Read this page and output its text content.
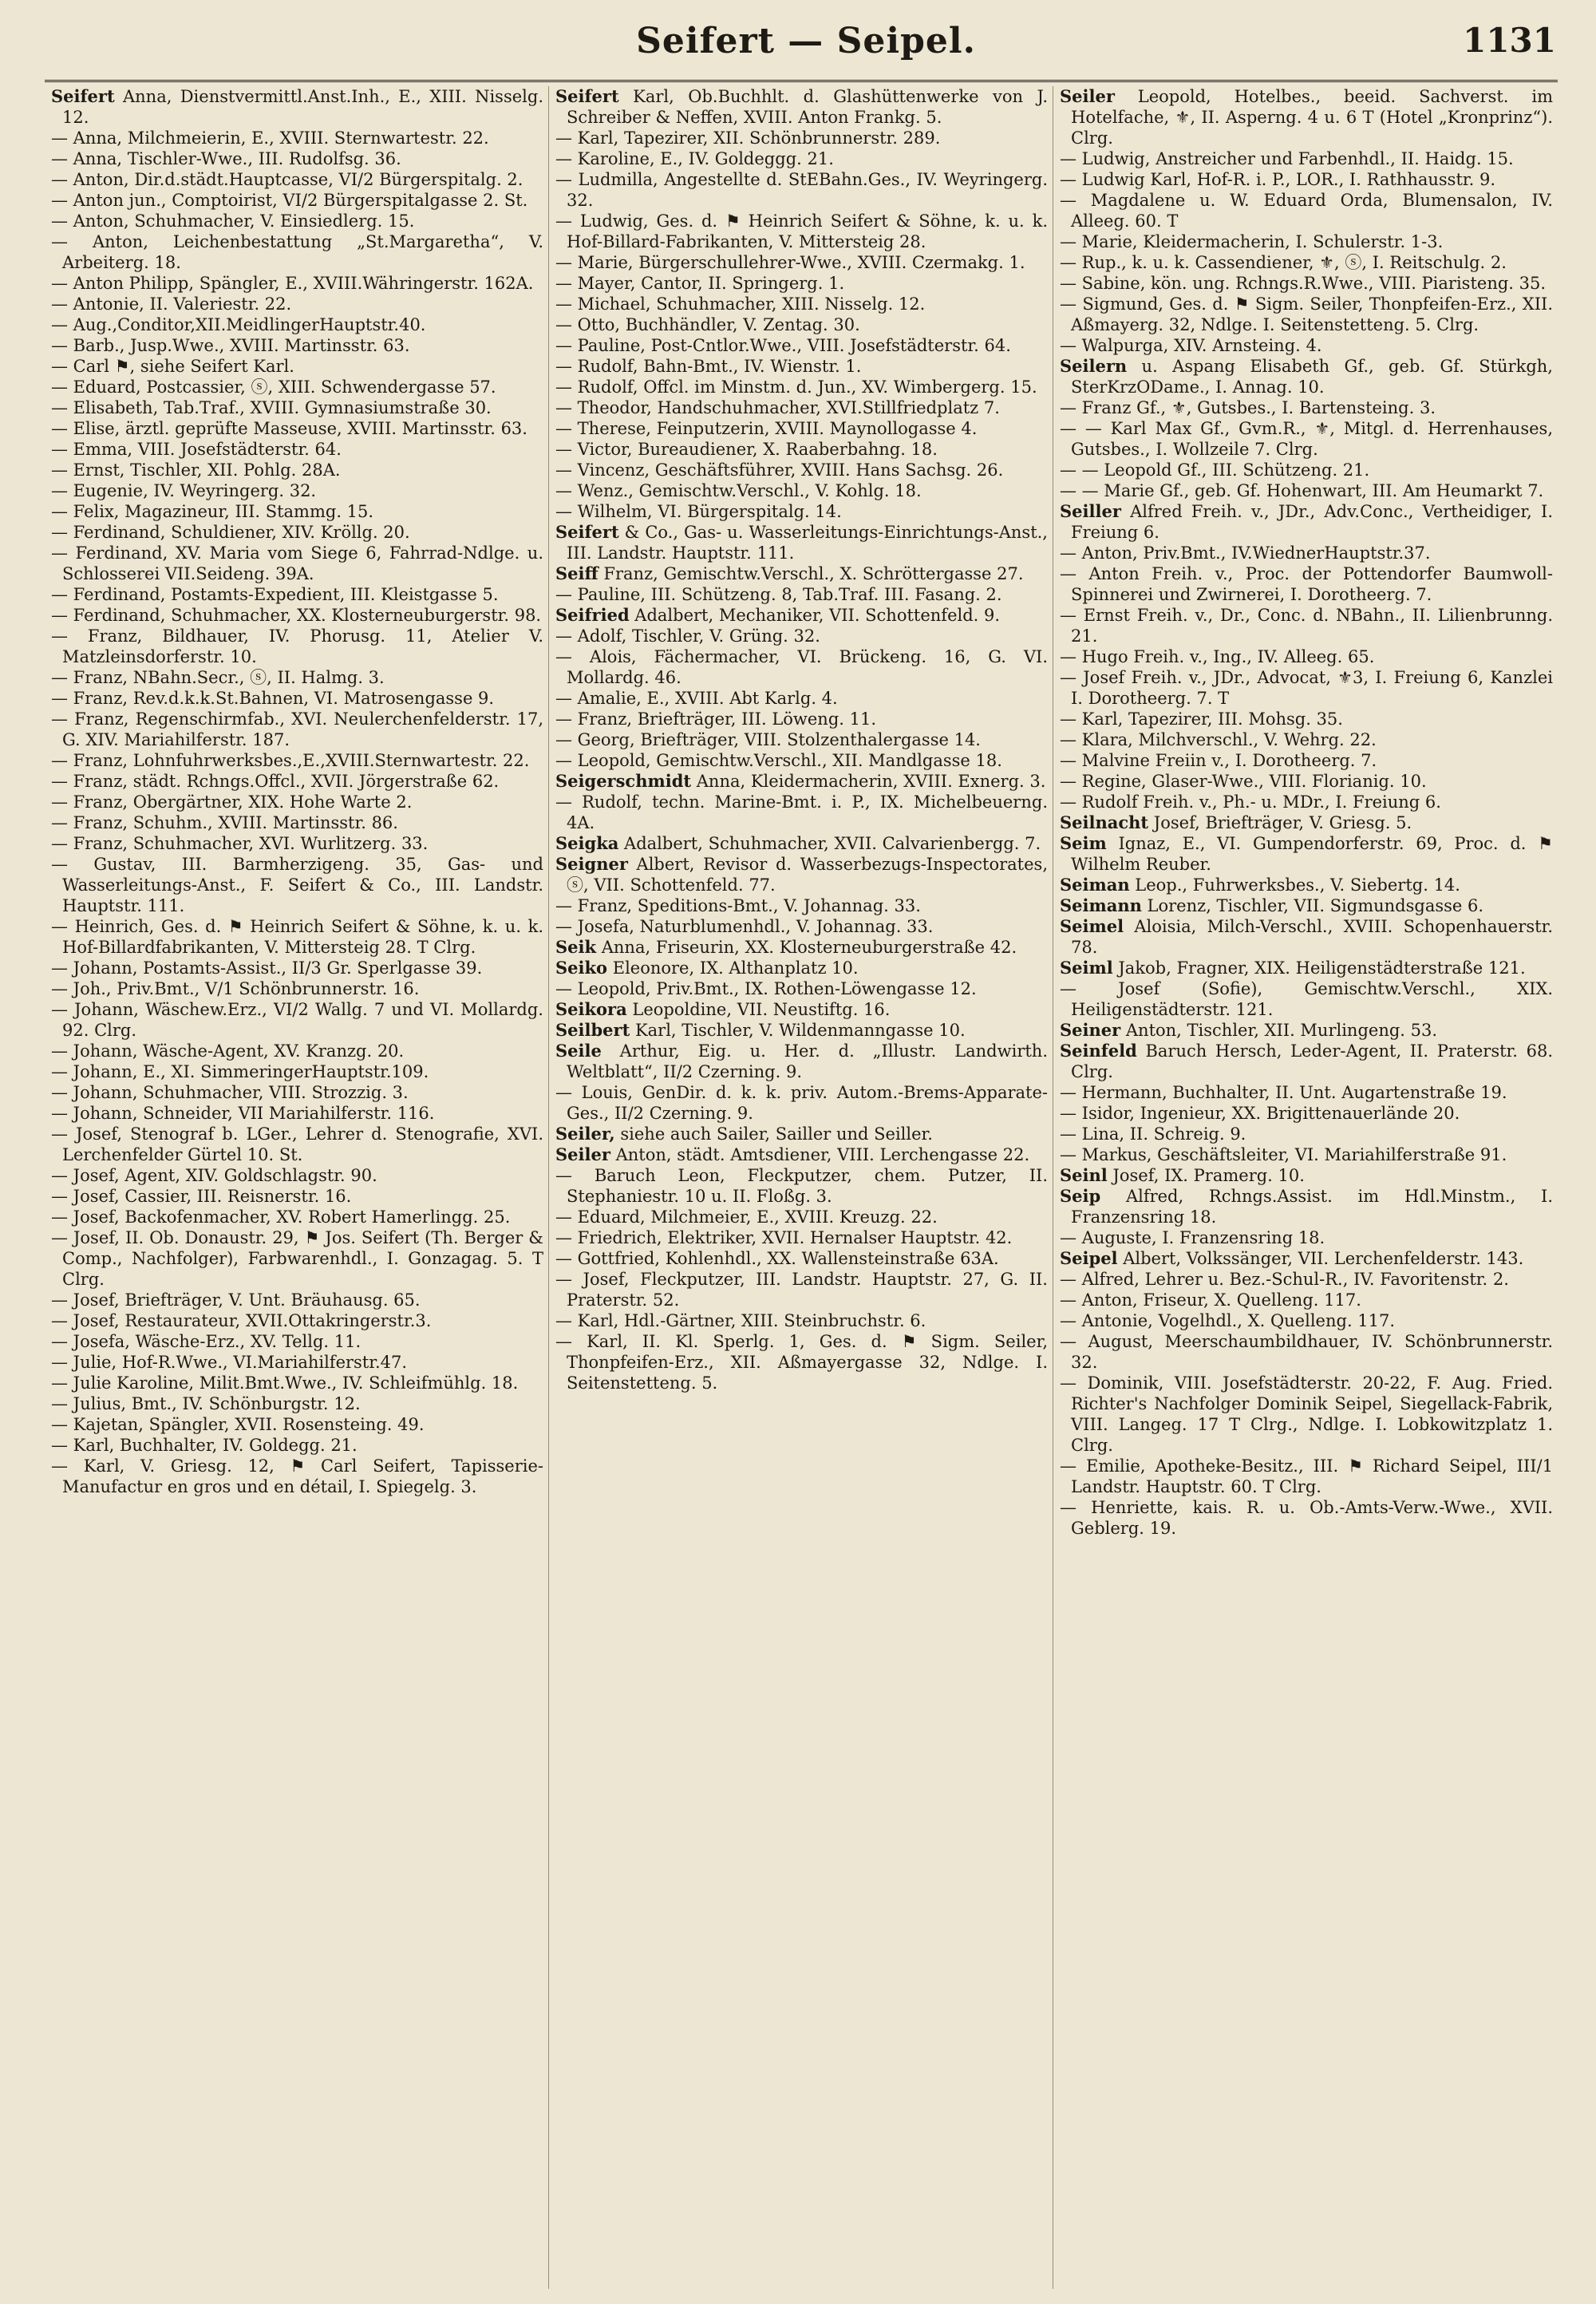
Seifert — Seipel.	1131

Seifert Anna, Dienstvermittl.Anst.Inh., E., XIII. Nisselg. 12.

— Anna, Milchmeierin, E., XVIII. Sternwartestr. 22.

— Anna, Tischler-Wwe., III. Rudolfsg. 36.

— Anton, Dir.d.städt.Hauptcasse, VI/2 Bürgerspitalg. 2.

— Anton jun., Comptoirist, VI/2 Bürgerspitalgasse 2. St.

— Anton, Schuhmacher, V. Einsiedlerg. 15.

— Anton, Leichenbestattung „St.Margaretha“, V. Arbeiterg. 18.

— Anton Philipp, Spängler, E., XVIII.Währingerstr. 162A.

— Antonie, II. Valeriestr. 22.

— Aug.,Conditor,XII.MeidlingerHauptstr.40.

— Barb., Jusp.Wwe., XVIII. Martinsstr. 63.

— Carl ⚑, siehe Seifert Karl.

— Eduard, Postcassier, ⓢ, XIII. Schwendergasse 57.

— Elisabeth, Tab.Traf., XVIII. Gymnasiumstraße 30.

— Elise, ärztl. geprüfte Masseuse, XVIII. Martinsstr. 63.

— Emma, VIII. Josefstädterstr. 64.

— Ernst, Tischler, XII. Pohlg. 28A.

— Eugenie, IV. Weyringerg. 32.

— Felix, Magazineur, III. Stammg. 15.

— Ferdinand, Schuldiener, XIV. Kröllg. 20.

— Ferdinand, XV. Maria vom Siege 6, Fahrrad-Ndlge. u. Schlosserei VII.Seideng. 39A.

— Ferdinand, Postamts-Expedient, III. Kleistgasse 5.

— Ferdinand, Schuhmacher, XX. Klosterneuburgerstr. 98.

— Franz, Bildhauer, IV. Phorusg. 11, Atelier V. Matzleinsdorferstr. 10.

— Franz, NBahn.Secr., ⓢ, II. Halmg. 3.

— Franz, Rev.d.k.k.St.Bahnen, VI. Matrosengasse 9.

— Franz, Regenschirmfab., XVI. Neulerchenfelderstr. 17, G. XIV. Mariahilferstr. 187.

— Franz, Lohnfuhrwerksbes.,E.,XVIII.Sternwartestr. 22.

— Franz, städt. Rchngs.Offcl., XVII. Jörgerstraße 62.

— Franz, Obergärtner, XIX. Hohe Warte 2.

— Franz, Schuhm., XVIII. Martinsstr. 86.

— Franz, Schuhmacher, XVI. Wurlitzerg. 33.

— Gustav, III. Barmherzigeng. 35, Gas- und Wasserleitungs-Anst., F. Seifert & Co., III. Landstr. Hauptstr. 111.

— Heinrich, Ges. d. ⚑ Heinrich Seifert & Söhne, k. u. k. Hof-Billardfabrikanten, V. Mittersteig 28. T Clrg.

— Johann, Postamts-Assist., II/3 Gr. Sperlgasse 39.

— Joh., Priv.Bmt., V/1 Schönbrunnerstr. 16.

— Johann, Wäschew.Erz., VI/2 Wallg. 7 und VI. Mollardg. 92. Clrg.

— Johann, Wäsche-Agent, XV. Kranzg. 20.

— Johann, E., XI. SimmeringerHauptstr.109.

— Johann, Schuhmacher, VIII. Strozzig. 3.

— Johann, Schneider, VII Mariahilferstr. 116.

— Josef, Stenograf b. LGer., Lehrer d. Stenografie, XVI. Lerchenfelder Gürtel 10. St.

— Josef, Agent, XIV. Goldschlagstr. 90.

— Josef, Cassier, III. Reisnerstr. 16.

— Josef, Backofenmacher, XV. Robert Hamerlingg. 25.

— Josef, II. Ob. Donaustr. 29, ⚑ Jos. Seifert (Th. Berger & Comp., Nachfolger), Farbwarenhdl., I. Gonzagag. 5. T Clrg.

— Josef, Briefträger, V. Unt. Bräuhausg. 65.

— Josef, Restaurateur, XVII.Ottakringerstr.3.

— Josefa, Wäsche-Erz., XV. Tellg. 11.

— Julie, Hof-R.Wwe., VI.Mariahilferstr.47.

— Julie Karoline, Milit.Bmt.Wwe., IV. Schleifmühlg. 18.

— Julius, Bmt., IV. Schönburgstr. 12.

— Kajetan, Spängler, XVII. Rosensteing. 49.

— Karl, Buchhalter, IV. Goldegg. 21.

— Karl, V. Griesg. 12, ⚑ Carl Seifert, Tapisserie-Manufactur en gros und en détail, I. Spiegelg. 3.

Seifert Karl, Ob.Buchhlt. d. Glashüttenwerke von J. Schreiber & Neffen, XVIII. Anton Frankg. 5.

— Karl, Tapezirer, XII. Schönbrunnerstr. 289.

— Karoline, E., IV. Goldeggg. 21.

— Ludmilla, Angestellte d. StEBahn.Ges., IV. Weyringerg. 32.

— Ludwig, Ges. d. ⚑ Heinrich Seifert & Söhne, k. u. k. Hof-Billard-Fabrikanten, V. Mittersteig 28.

— Marie, Bürgerschullehrer-Wwe., XVIII. Czermakg. 1.

— Mayer, Cantor, II. Springerg. 1.

— Michael, Schuhmacher, XIII. Nisselg. 12.

— Otto, Buchhändler, V. Zentag. 30.

— Pauline, Post-Cntlor.Wwe., VIII. Josefstädterstr. 64.

— Rudolf, Bahn-Bmt., IV. Wienstr. 1.

— Rudolf, Offcl. im Minstm. d. Jun., XV. Wimbergerg. 15.

— Theodor, Handschuhmacher, XVI.Stillfriedplatz 7.

— Therese, Feinputzerin, XVIII. Maynollogasse 4.

— Victor, Bureaudiener, X. Raaberbahng. 18.

— Vincenz, Geschäftsführer, XVIII. Hans Sachsg. 26.

— Wenz., Gemischtw.Verschl., V. Kohlg. 18.

— Wilhelm, VI. Bürgerspitalg. 14.

Seifert & Co., Gas- u. Wasserleitungs-Einrichtungs-Anst., III. Landstr. Hauptstr. 111.

Seiff Franz, Gemischtw.Verschl., X. Schröttergasse 27.

— Pauline, III. Schützeng. 8, Tab.Traf. III. Fasang. 2.

Seifried Adalbert, Mechaniker, VII. Schottenfeld. 9.

— Adolf, Tischler, V. Grüng. 32.

— Alois, Fächermacher, VI. Brückeng. 16, G. VI. Mollardg. 46.

— Amalie, E., XVIII. Abt Karlg. 4.

— Franz, Briefträger, III. Löweng. 11.

— Georg, Briefträger, VIII. Stolzenthalergasse 14.

— Leopold, Gemischtw.Verschl., XII. Mandlgasse 18.

Seigerschmidt Anna, Kleidermacherin, XVIII. Exnerg. 3.

— Rudolf, techn. Marine-Bmt. i. P., IX. Michelbeuerng. 4A.

Seigka Adalbert, Schuhmacher, XVII. Calvarienbergg. 7.

Seigner Albert, Revisor d. Wasserbezugs-Inspectorates, ⓢ, VII. Schottenfeld. 77.

— Franz, Speditions-Bmt., V. Johannag. 33.

— Josefa, Naturblumenhdl., V. Johannag. 33.

Seik Anna, Friseurin, XX. Klosterneuburgerstraße 42.

Seiko Eleonore, IX. Althanplatz 10.

— Leopold, Priv.Bmt., IX. Rothen-Löwengasse 12.

Seikora Leopoldine, VII. Neustiftg. 16.

Seilbert Karl, Tischler, V. Wildenmanngasse 10.

Seile Arthur, Eig. u. Her. d. „Illustr. Landwirth. Weltblatt“, II/2 Czerning. 9.

— Louis, GenDir. d. k. k. priv. Autom.-Brems-Apparate-Ges., II/2 Czerning. 9.

Seiler, siehe auch Sailer, Sailler und Seiller.

Seiler Anton, städt. Amtsdiener, VIII. Lerchengasse 22.

— Baruch Leon, Fleckputzer, chem. Putzer, II. Stephaniestr. 10 u. II. Floßg. 3.

— Eduard, Milchmeier, E., XVIII. Kreuzg. 22.

— Friedrich, Elektriker, XVII. Hernalser Hauptstr. 42.

— Gottfried, Kohlenhdl., XX. Wallensteinstraße 63A.

— Josef, Fleckputzer, III. Landstr. Hauptstr. 27, G. II. Praterstr. 52.

— Karl, Hdl.-Gärtner, XIII. Steinbruchstr. 6.

— Karl, II. Kl. Sperlg. 1, Ges. d. ⚑ Sigm. Seiler, Thonpfeifen-Erz., XII. Aßmayergasse 32, Ndlge. I. Seitenstetteng. 5.

Seiler Leopold, Hotelbes., beeid. Sachverst. im Hotelfache, ⚜, II. Asperng. 4 u. 6 T (Hotel „Kronprinz“). Clrg.

— Ludwig, Anstreicher und Farbenhdl., II. Haidg. 15.

— Ludwig Karl, Hof-R. i. P., LOR., I. Rathhausstr. 9.

— Magdalene u. W. Eduard Orda, Blumensalon, IV. Alleeg. 60. T

— Marie, Kleidermacherin, I. Schulerstr. 1-3.

— Rup., k. u. k. Cassendiener, ⚜, ⓢ, I. Reitschulg. 2.

— Sabine, kön. ung. Rchngs.R.Wwe., VIII. Piaristeng. 35.

— Sigmund, Ges. d. ⚑ Sigm. Seiler, Thonpfeifen-Erz., XII. Aßmayerg. 32, Ndlge. I. Seitenstetteng. 5. Clrg.

— Walpurga, XIV. Arnsteing. 4.

Seilern u. Aspang Elisabeth Gf., geb. Gf. Stürkgh, SterKrzODame., I. Annag. 10.

— Franz Gf., ⚜, Gutsbes., I. Bartensteing. 3.

— — Karl Max Gf., Gvm.R., ⚜, Mitgl. d. Herrenhauses, Gutsbes., I. Wollzeile 7. Clrg.

— — Leopold Gf., III. Schützeng. 21.

— — Marie Gf., geb. Gf. Hohenwart, III. Am Heumarkt 7.

Seiller Alfred Freih. v., JDr., Adv.Conc., Vertheidiger, I. Freiung 6.

— Anton, Priv.Bmt., IV.WiednerHauptstr.37.

— Anton Freih. v., Proc. der Pottendorfer Baumwoll-Spinnerei und Zwirnerei, I. Dorotheerg. 7.

— Ernst Freih. v., Dr., Conc. d. NBahn., II. Lilienbrunng. 21.

— Hugo Freih. v., Ing., IV. Alleeg. 65.

— Josef Freih. v., JDr., Advocat, ⚜3, I. Freiung 6, Kanzlei I. Dorotheerg. 7. T

— Karl, Tapezirer, III. Mohsg. 35.

— Klara, Milchverschl., V. Wehrg. 22.

— Malvine Freiin v., I. Dorotheerg. 7.

— Regine, Glaser-Wwe., VIII. Florianig. 10.

— Rudolf Freih. v., Ph.- u. MDr., I. Freiung 6.

Seilnacht Josef, Briefträger, V. Griesg. 5.

Seim Ignaz, E., VI. Gumpendorferstr. 69, Proc. d. ⚑ Wilhelm Reuber.

Seiman Leop., Fuhrwerksbes., V. Siebertg. 14.

Seimann Lorenz, Tischler, VII. Sigmundsgasse 6.

Seimel Aloisia, Milch-Verschl., XVIII. Schopenhauerstr. 78.

Seiml Jakob, Fragner, XIX. Heiligenstädterstraße 121.

— Josef (Sofie), Gemischtw.Verschl., XIX. Heiligenstädterstr. 121.

Seiner Anton, Tischler, XII. Murlingeng. 53.

Seinfeld Baruch Hersch, Leder-Agent, II. Praterstr. 68. Clrg.

— Hermann, Buchhalter, II. Unt. Augartenstraße 19.

— Isidor, Ingenieur, XX. Brigittenauerlände 20.

— Lina, II. Schreig. 9.

— Markus, Geschäftsleiter, VI. Mariahilferstraße 91.

Seinl Josef, IX. Pramerg. 10.

Seip Alfred, Rchngs.Assist. im Hdl.Minstm., I. Franzensring 18.

— Auguste, I. Franzensring 18.

Seipel Albert, Volkssänger, VII. Lerchenfelderstr. 143.

— Alfred, Lehrer u. Bez.-Schul-R., IV. Favoritenstr. 2.

— Anton, Friseur, X. Quelleng. 117.

— Antonie, Vogelhdl., X. Quelleng. 117.

— August, Meerschaumbildhauer, IV. Schönbrunnerstr. 32.

— Dominik, VIII. Josefstädterstr. 20-22, F. Aug. Fried. Richter's Nachfolger Dominik Seipel, Siegellack-Fabrik, VIII. Langeg. 17 T Clrg., Ndlge. I. Lobkowitzplatz 1. Clrg.

— Emilie, Apotheke-Besitz., III. ⚑ Richard Seipel, III/1 Landstr. Hauptstr. 60. T Clrg.

— Henriette, kais. R. u. Ob.-Amts-Verw.-Wwe., XVII. Geblerg. 19.
